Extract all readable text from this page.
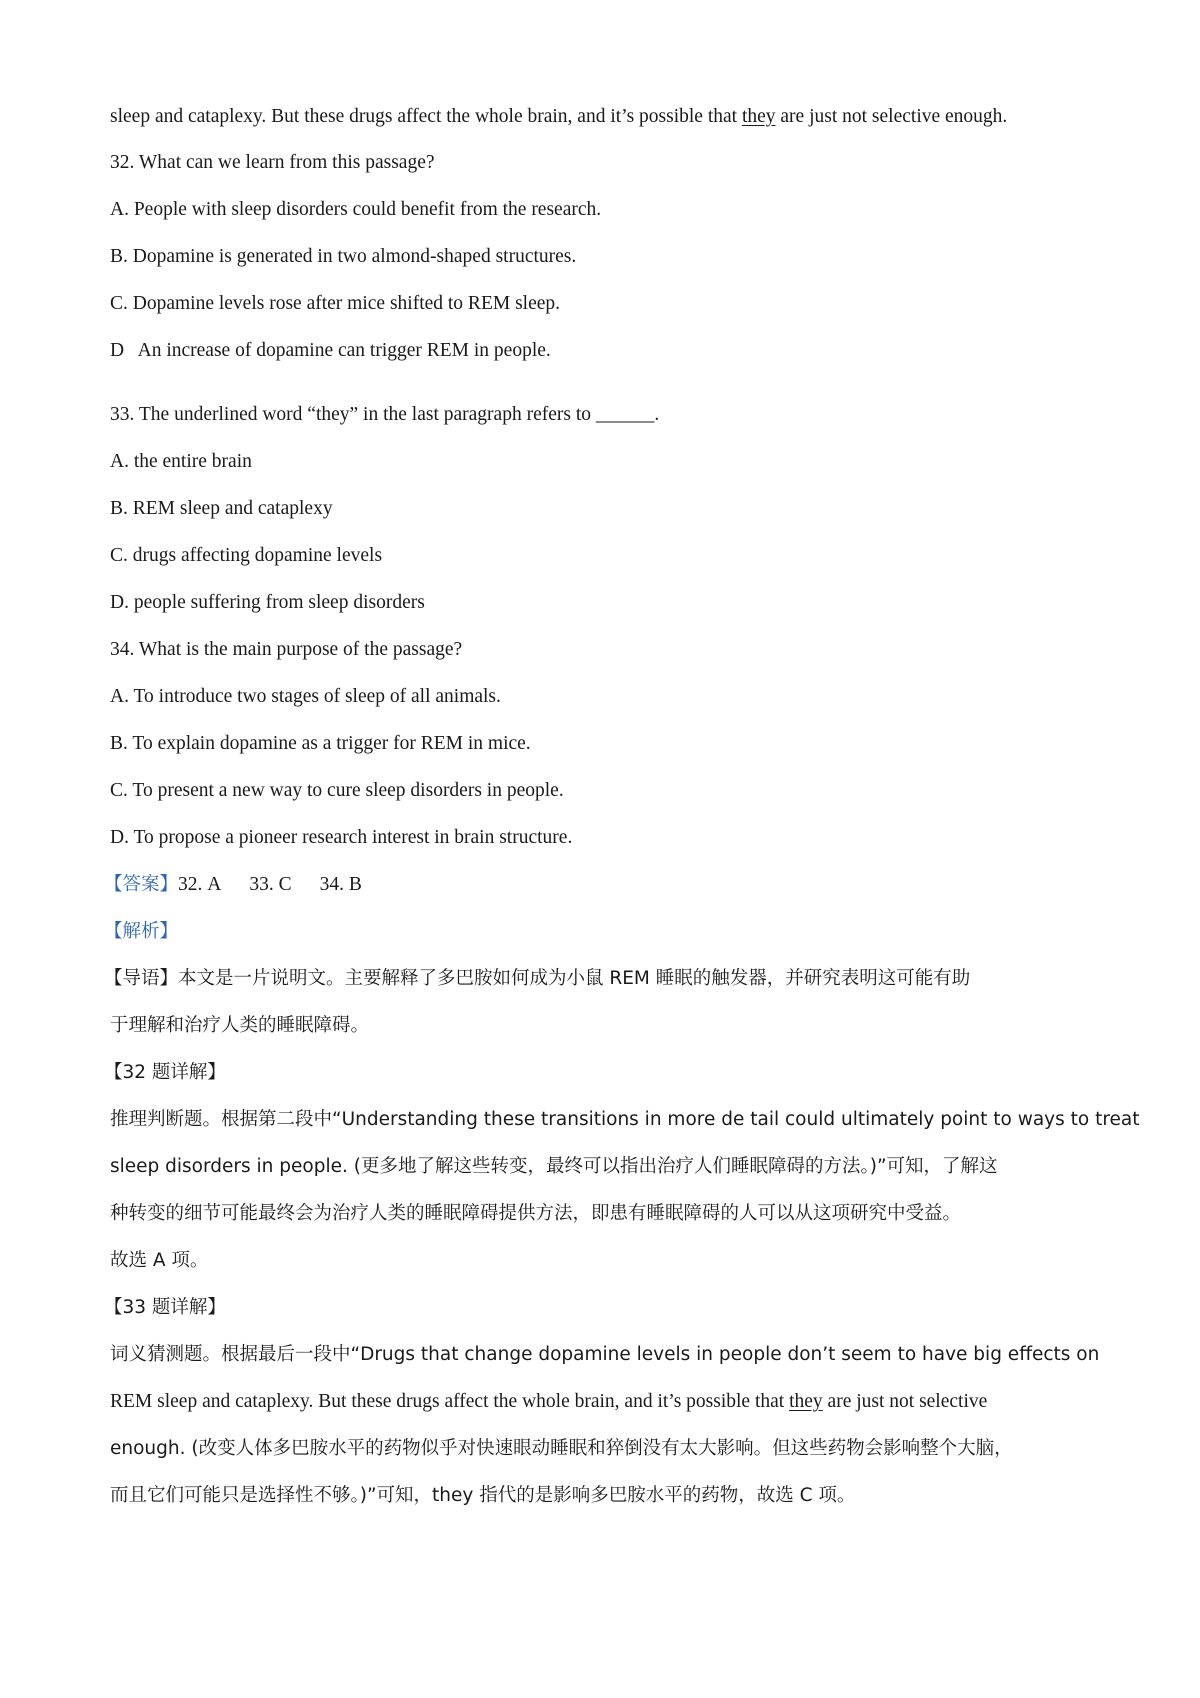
sleep and cataplexy. But these drugs affect the whole brain, and it’s possible that they are just not selective enough.
32. What can we learn from this passage?
A. People with sleep disorders could benefit from the research.
B. Dopamine is generated in two almond-shaped structures.
C. Dopamine levels rose after mice shifted to REM sleep.
D   An increase of dopamine can trigger REM in people.
33. The underlined word “they” in the last paragraph refers to ______.
A. the entire brain
B. REM sleep and cataplexy
C. drugs affecting dopamine levels
D. people suffering from sleep disorders
34. What is the main purpose of the passage?
A. To introduce two stages of sleep of all animals.
B. To explain dopamine as a trigger for REM in mice.
C. To present a new way to cure sleep disorders in people.
D. To propose a pioneer research interest in brain structure.
【答案】32. A 33. C 34. B
【解析】
【导语】本文是一片说明文。主要解释了多巴胺如何成为小鼠 REM 睡眠的触发器，并研究表明这可能有助
于理解和治疗人类的睡眠障碍。
【32 题详解】
推理判断题。根据第二段中“Understanding these transitions in more de tail could ultimately point to ways to treat
sleep disorders in people. (更多地了解这些转变，最终可以指出治疗人们睡眠障碍的方法。)”可知，了解这
种转变的细节可能最终会为治疗人类的睡眠障碍提供方法，即患有睡眠障碍的人可以从这项研究中受益。
故选 A 项。
【33 题详解】
词义猜测题。根据最后一段中“Drugs that change dopamine levels in people don’t seem to have big effects on
REM sleep and cataplexy. But these drugs affect the whole brain, and it’s possible that they are just not selective
enough. (改变人体多巴胺水平的药物似乎对快速眼动睡眠和猝倒没有太大影响。但这些药物会影响整个大脑，
而且它们可能只是选择性不够。)”可知，they 指代的是影响多巴胺水平的药物，故选 C 项。
